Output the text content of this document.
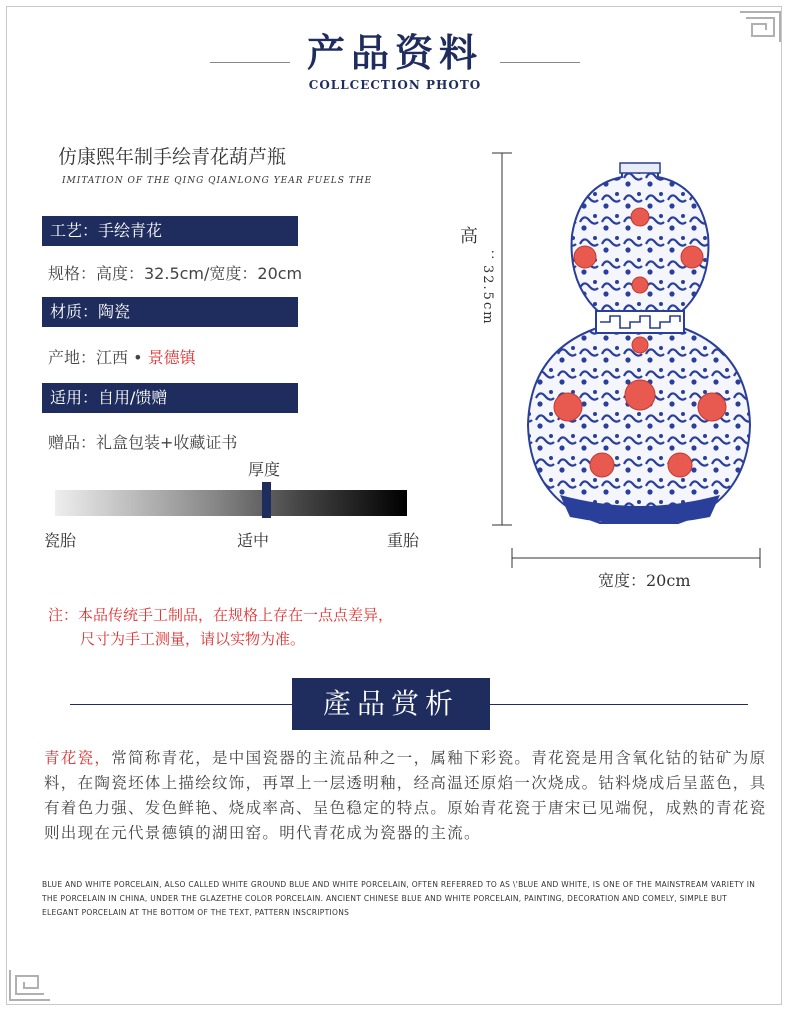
产品资料
COLLCECTION PHOTO
仿康熙年制手绘青花葫芦瓶
IMITATION OF THE QING QIANLONG YEAR FUELS THE
工艺：手绘青花
规格：高度：32.5cm/宽度：20cm
材质：陶瓷
产地：江西 • 景德镇
适用：自用/馈赠
赠品：礼盒包装+收藏证书
厚度
瓷胎	适中	重胎
注：本品传统手工制品，在规格上存在一点点差异，
尺寸为手工测量，请以实物为准。
高
：32.5cm
宽度：20cm
產品赏析
青花瓷，常简称青花，是中国瓷器的主流品种之一，属釉下彩瓷。青花瓷是用含氧化钴的钴矿为原料，在陶瓷坯体上描绘纹饰，再罩上一层透明釉，经高温还原焰一次烧成。钴料烧成后呈蓝色，具有着色力强、发色鲜艳、烧成率高、呈色稳定的特点。原始青花瓷于唐宋已见端倪，成熟的青花瓷则出现在元代景德镇的湖田窑。明代青花成为瓷器的主流。
BLUE AND WHITE PORCELAIN, ALSO CALLED WHITE GROUND BLUE AND WHITE PORCELAIN, OFTEN REFERRED TO AS \'BLUE AND WHITE, IS ONE OF THE MAINSTREAM VARIETY IN THE PORCELAIN IN CHINA, UNDER THE GLAZETHE COLOR PORCELAIN. ANCIENT CHINESE BLUE AND WHITE PORCELAIN, PAINTING, DECORATION AND COMELY, SIMPLE BUT ELEGANT PORCELAIN AT THE BOTTOM OF THE TEXT, PATTERN INSCRIPTIONS
